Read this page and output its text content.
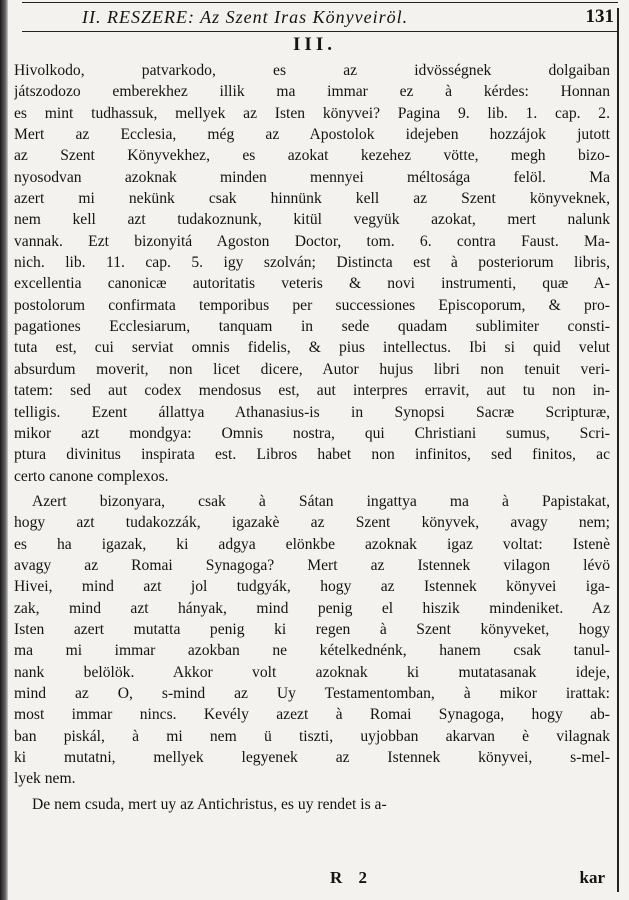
II. RESZERE: Az Szent Iras Könyveiröl.	131
III.
Hivolkodo, patvarkodo, es az idvösségnek dolgaiban
játszodozo emberekhez illik ma immar ez à kérdes: Honnan
es mint tudhassuk, mellyek az Isten könyvei? Pagina 9. lib. 1. cap. 2.
Mert az Ecclesia, még az Apostolok idejeben hozzájok jutott
az Szent Könyvekhez, es azokat kezehez vötte, megh bizo-
nyosodvan azoknak minden mennyei méltosága felöl. Ma
azert mi nekünk csak hinnünk kell az Szent könyveknek,
nem kell azt tudakoznunk, kitül vegyük azokat, mert nalunk
vannak. Ezt bizonyitá Agoston Doctor, tom. 6. contra Faust. Ma-
nich. lib. 11. cap. 5. igy szolván; Distincta est à posteriorum libris,
excellentia canonicæ autoritatis veteris & novi instrumenti, quæ A-
postolorum confirmata temporibus per successiones Episcoporum, & pro-
pagationes Ecclesiarum, tanquam in sede quadam sublimiter consti-
tuta est, cui serviat omnis fidelis, & pius intellectus. Ibi si quid velut
absurdum moverit, non licet dicere, Autor hujus libri non tenuit veri-
tatem: sed aut codex mendosus est, aut interpres erravit, aut tu non in-
telligis. Ezent állattya Athanasius-is in Synopsi Sacræ Scripturæ,
mikor azt mondgya: Omnis nostra, qui Christiani sumus, Scri-
ptura divinitus inspirata est. Libros habet non infinitos, sed finitos, ac
certo canone complexos.
Azert bizonyara, csak à Sátan ingattya ma à Papistakat,
hogy azt tudakozzák, igazakè az Szent könyvek, avagy nem;
es ha igazak, ki adgya elönkbe azoknak igaz voltat: Istenè
avagy az Romai Synagoga? Mert az Istennek vilagon lévö
Hivei, mind azt jol tudgyák, hogy az Istennek könyvei iga-
zak, mind azt hányak, mind penig el hiszik mindeniket. Az
Isten azert mutatta penig ki regen à Szent könyveket, hogy
ma mi immar azokban ne kételkednénk, hanem csak tanul-
nank belölök. Akkor volt azoknak ki mutatasanak ideje,
mind az O, s-mind az Uy Testamentomban, à mikor irattak:
most immar nincs. Kevély azezt à Romai Synagoga, hogy ab-
ban piskál, à mi nem ü tiszti, uyjobban akarvan è vilagnak
ki mutatni, mellyek legyenek az Istennek könyvei, s-mel-
lyek nem.
De nem csuda, mert uy az Antichristus, es uy rendet is a-
R 2	kar
